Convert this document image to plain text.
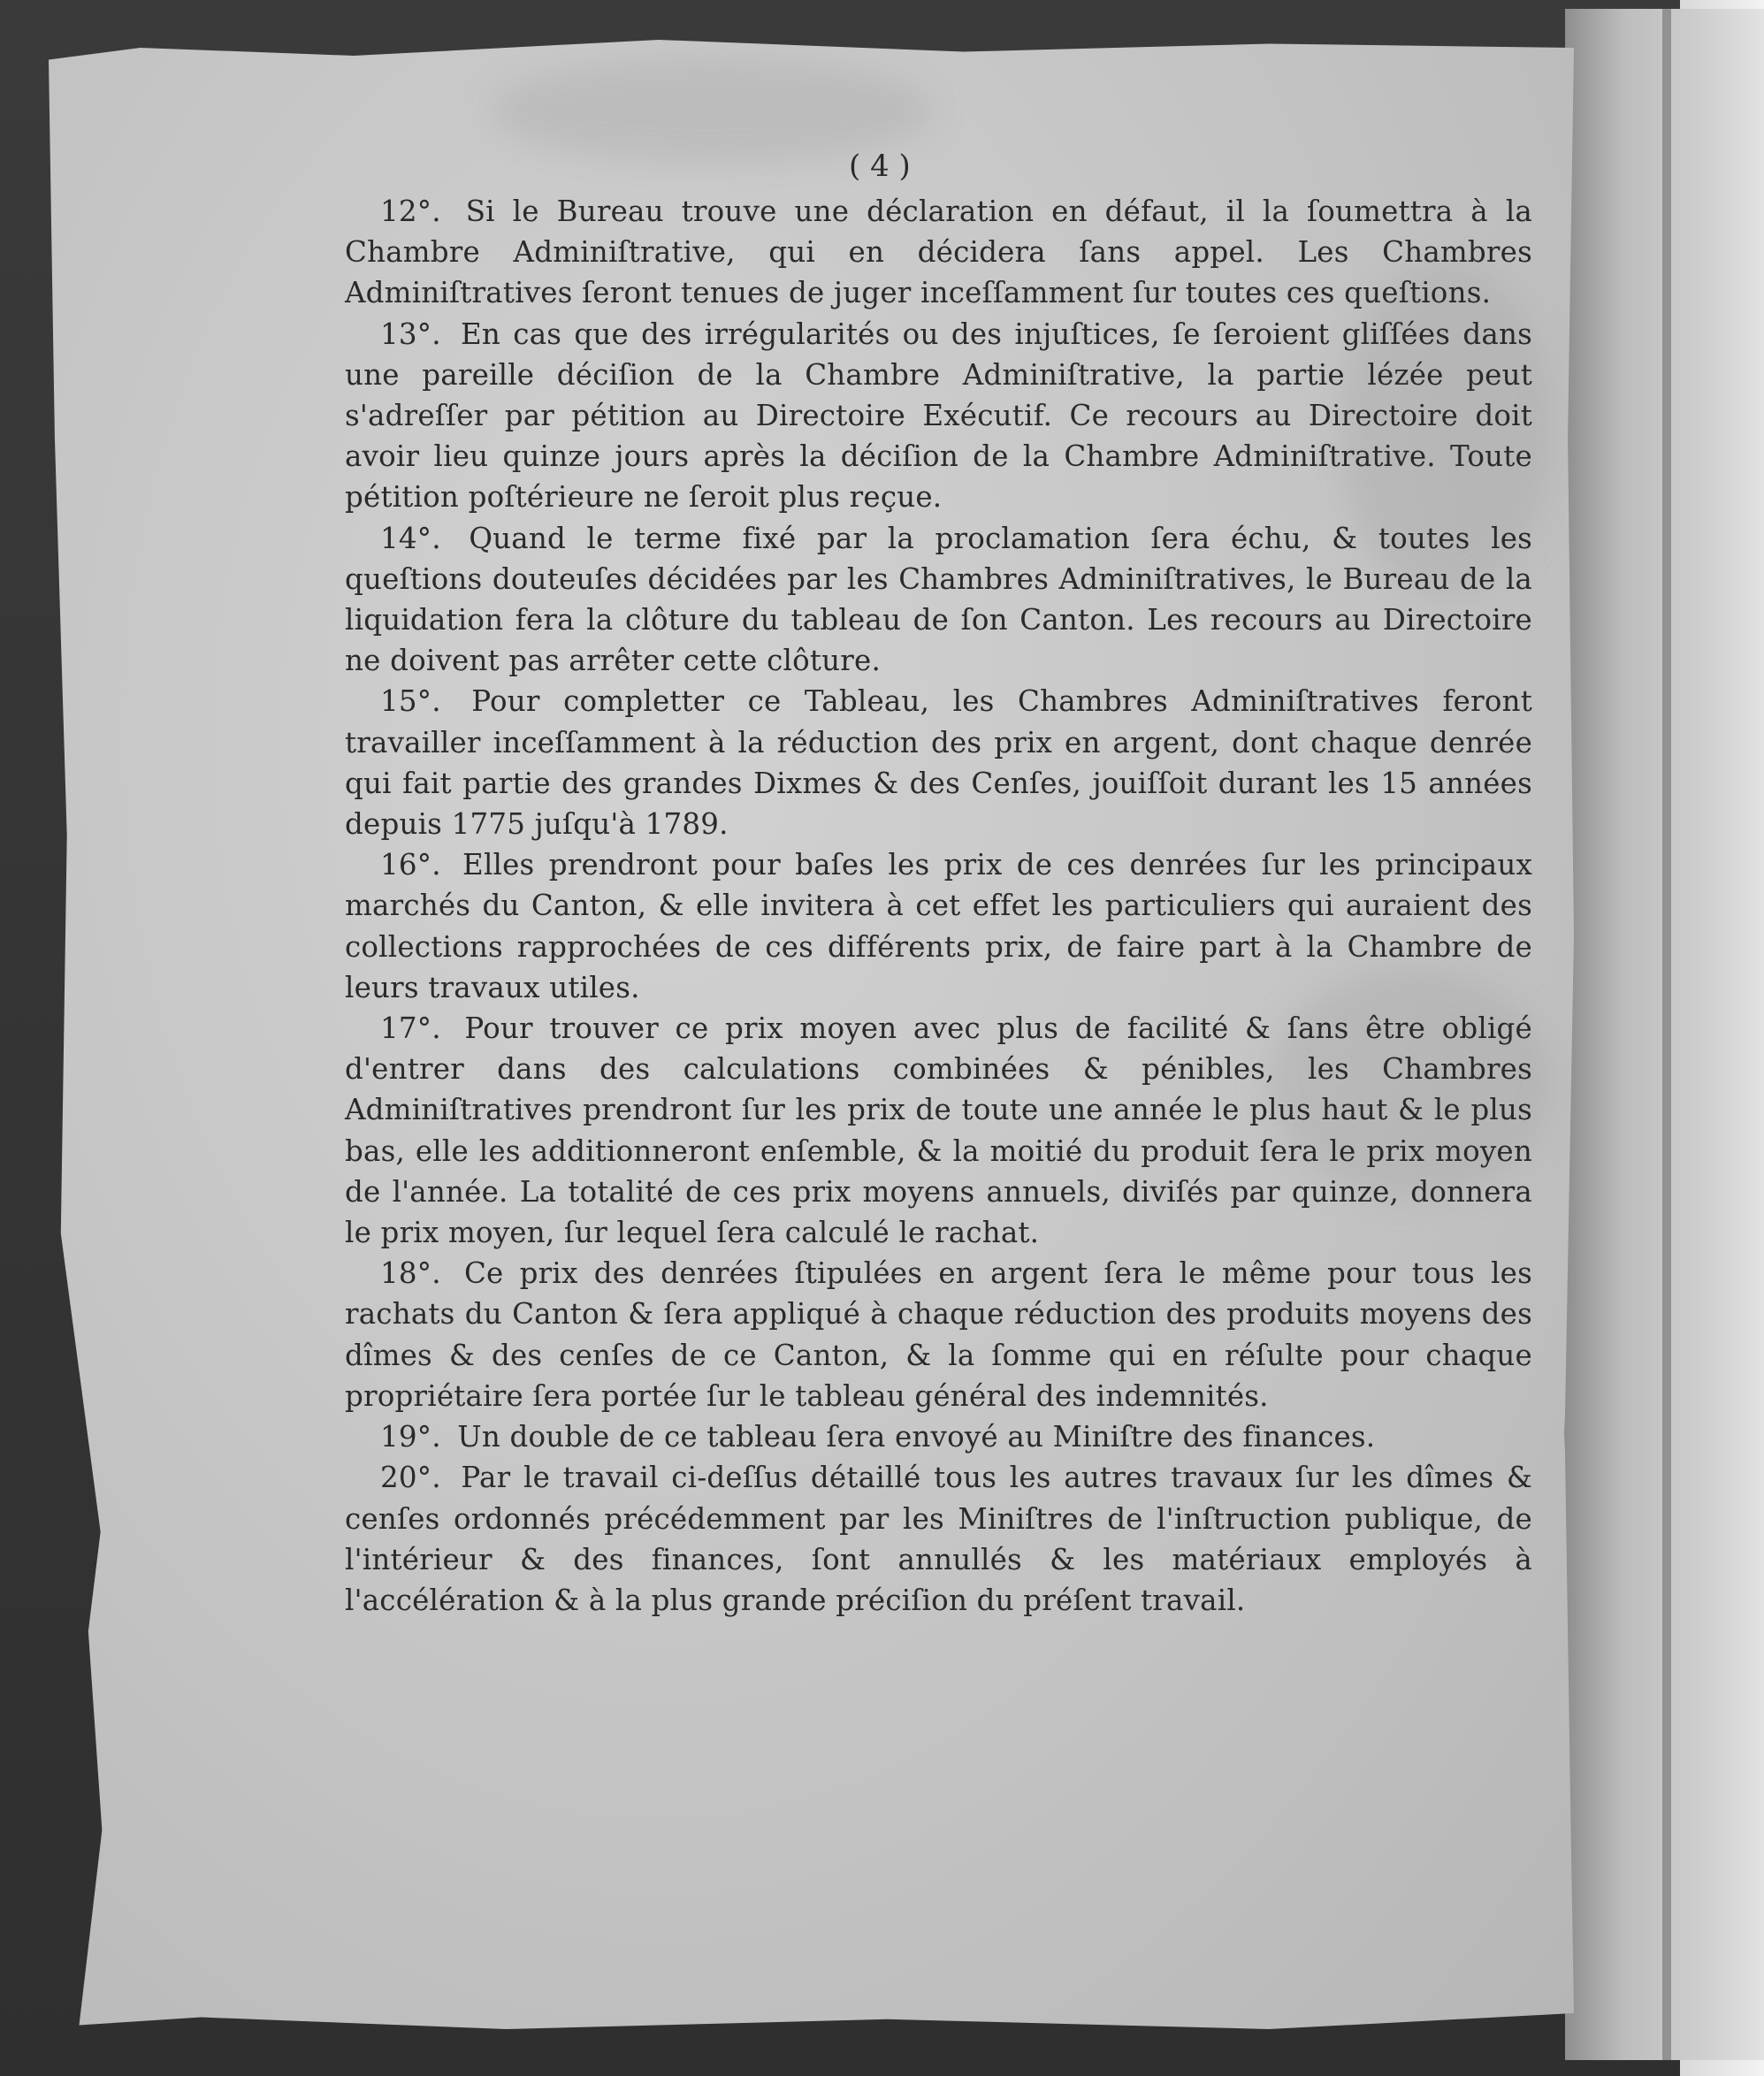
( 4 )

12°. Si le Bureau trouve une déclaration en défaut, il la ſoumettra à la Chambre Adminiſtrative, qui en décidera ſans appel. Les Chambres Adminiſtratives ſeront tenues de juger inceſſamment ſur toutes ces queſtions.

13°. En cas que des irrégularités ou des injuſtices, ſe ſeroient gliſſées dans une pareille déciſion de la Chambre Adminiſtrative, la partie lézée peut s'adreſſer par pétition au Directoire Exécutif. Ce recours au Directoire doit avoir lieu quinze jours après la déciſion de la Chambre Adminiſtrative. Toute pétition poſtérieure ne ſeroit plus reçue.

14°. Quand le terme fixé par la proclamation ſera échu, & toutes les queſtions douteuſes décidées par les Chambres Adminiſtratives, le Bureau de la liquidation fera la clôture du tableau de ſon Canton. Les recours au Directoire ne doivent pas arrêter cette clôture.

15°. Pour completter ce Tableau, les Chambres Adminiſtratives feront travailler inceſſamment à la réduction des prix en argent, dont chaque denrée qui fait partie des grandes Dixmes & des Cenſes, jouiſſoit durant les 15 années depuis 1775 juſqu'à 1789.

16°. Elles prendront pour baſes les prix de ces denrées ſur les principaux marchés du Canton, & elle invitera à cet effet les particuliers qui auraient des collections rapprochées de ces différents prix, de faire part à la Chambre de leurs travaux utiles.

17°. Pour trouver ce prix moyen avec plus de facilité & ſans être obligé d'entrer dans des calculations combinées & pénibles, les Chambres Adminiſtratives prendront ſur les prix de toute une année le plus haut & le plus bas, elle les additionneront enſemble, & la moitié du produit ſera le prix moyen de l'année. La totalité de ces prix moyens annuels, diviſés par quinze, donnera le prix moyen, ſur lequel ſera calculé le rachat.

18°. Ce prix des denrées ſtipulées en argent ſera le même pour tous les rachats du Canton & ſera appliqué à chaque réduction des produits moyens des dîmes & des cenſes de ce Canton, & la ſomme qui en réſulte pour chaque propriétaire ſera portée ſur le tableau général des indemnités.

19°. Un double de ce tableau ſera envoyé au Miniſtre des finances.

20°. Par le travail ci-deſſus détaillé tous les autres travaux ſur les dîmes & cenſes ordonnés précédemment par les Miniſtres de l'inſtruction publique, de l'intérieur & des finances, ſont annullés & les matériaux employés à l'accélération & à la plus grande préciſion du préſent travail.
